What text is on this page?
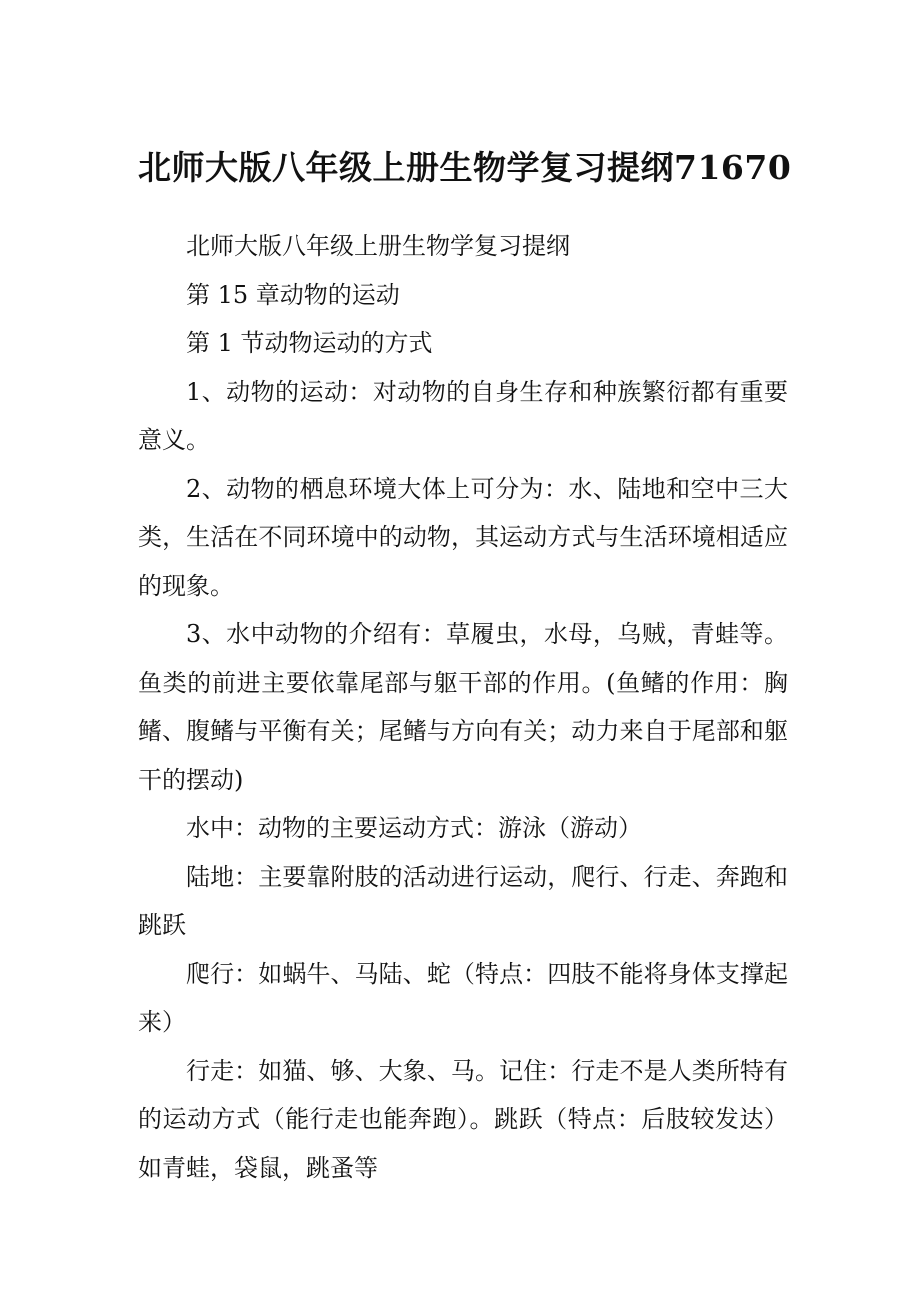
北师大版八年级上册生物学复习提纲71670

北师大版八年级上册生物学复习提纲

第 15 章动物的运动

第 1 节动物运动的方式

1、动物的运动：对动物的自身生存和种族繁衍都有重要意义。

2、动物的栖息环境大体上可分为：水、陆地和空中三大类，生活在不同环境中的动物，其运动方式与生活环境相适应的现象。

3、水中动物的介绍有：草履虫，水母，乌贼，青蛙等。鱼类的前进主要依靠尾部与躯干部的作用。(鱼鳍的作用：胸鳍、腹鳍与平衡有关；尾鳍与方向有关；动力来自于尾部和躯干的摆动)

水中：动物的主要运动方式：游泳（游动）

陆地：主要靠附肢的活动进行运动，爬行、行走、奔跑和跳跃

爬行：如蜗牛、马陆、蛇（特点：四肢不能将身体支撑起来）

行走：如猫、够、大象、马。记住：行走不是人类所特有的运动方式（能行走也能奔跑）。跳跃（特点：后肢较发达）如青蛙，袋鼠，跳蚤等
